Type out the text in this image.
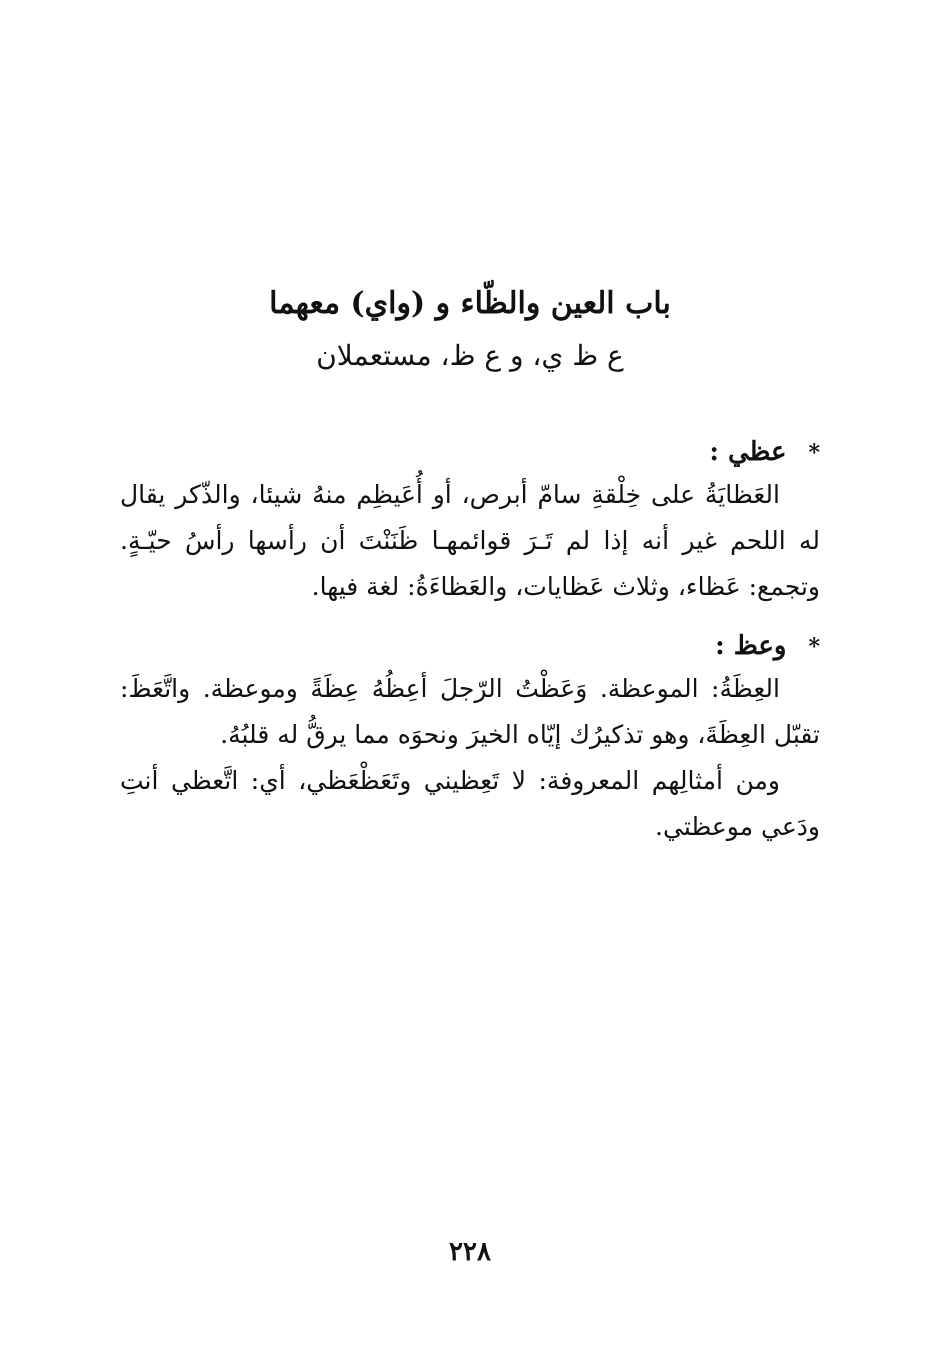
باب العين والظّاء و (واي) معهما
ع ظ ي، و ع ظ، مستعملان
*عظي :

العَظايَةُ على خِلْقةِ سامّ أبرص، أو أُعَيظِم منهُ شيئا، والذّكر يقال له اللحم غير أنه إذا لم تَـرَ قوائمهـا ظَنَنْتَ أن رأسها رأسُ حيّـةٍ. وتجمع: عَظاء، وثلاث عَظايات، والعَظاءَةُ: لغة فيها.

*وعظ :

العِظَةُ: الموعظة. وَعَظْتُ الرّجلَ أعِظُهُ عِظَةً وموعظة. واتَّعَظَ: تقبّل العِظَةَ، وهو تذكيرُك إيّاه الخيرَ ونحوَه مما يرقُّ له قلبُهُ.

ومن أمثالِهم المعروفة: لا تَعِظيني وتَعَظْعَظي، أي: اتَّعظي أنتِ ودَعي موعظتي.

٢٢٨
